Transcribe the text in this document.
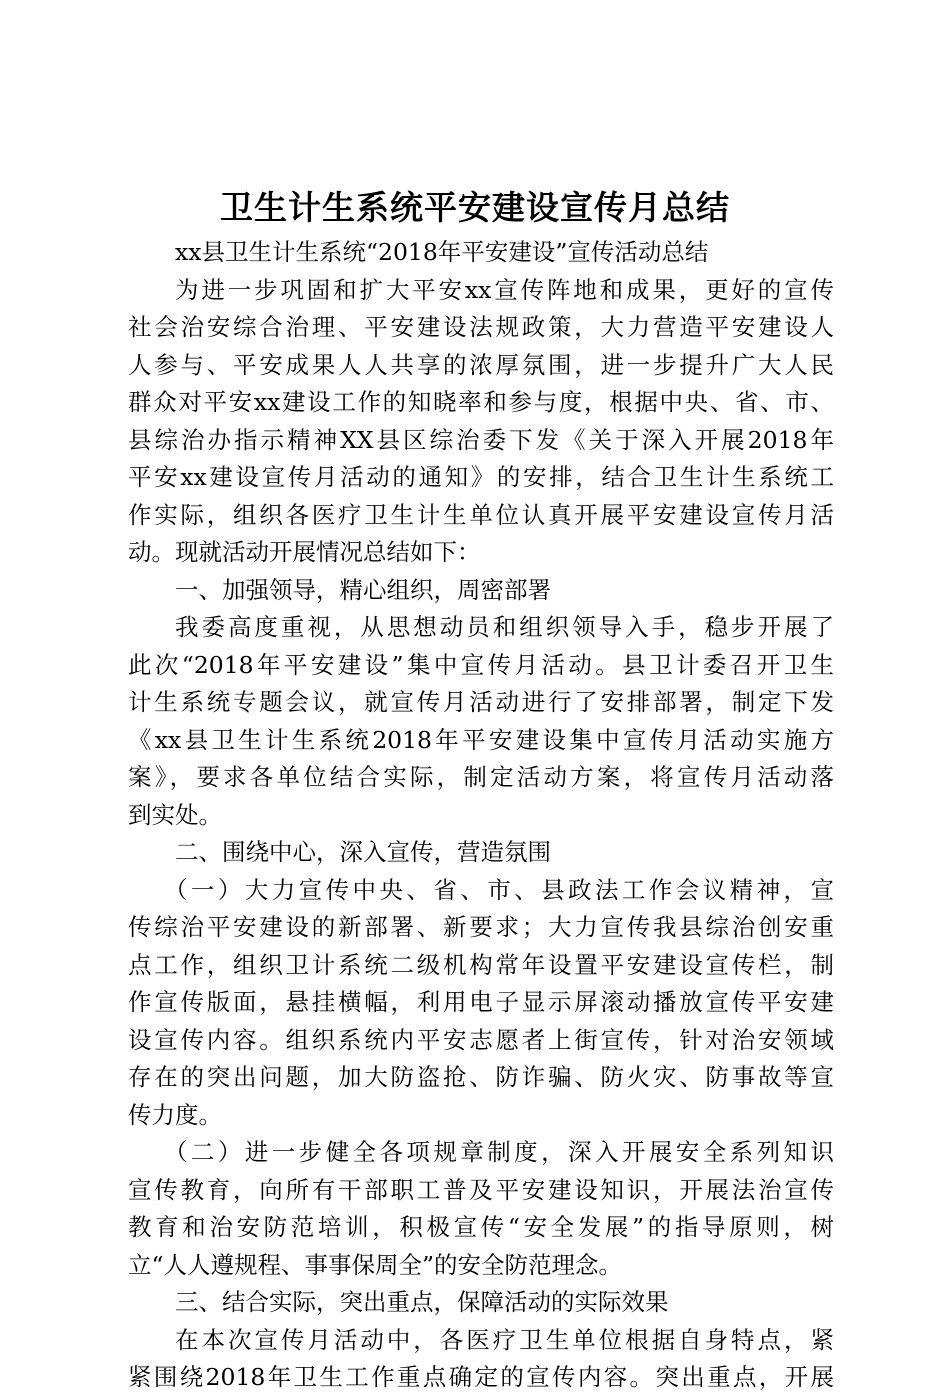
卫生计生系统平安建设宣传月总结
xx县卫生计生系统“2018年平安建设”宣传活动总结
为进一步巩固和扩大平安xx宣传阵地和成果，更好的宣传
社会治安综合治理、平安建设法规政策，大力营造平安建设人
人参与、平安成果人人共享的浓厚氛围，进一步提升广大人民
群众对平安xx建设工作的知晓率和参与度，根据中央、省、市、
县综治办指示精神XX县区综治委下发《关于深入开展2018年
平安xx建设宣传月活动的通知》的安排，结合卫生计生系统工
作实际，组织各医疗卫生计生单位认真开展平安建设宣传月活
动。现就活动开展情况总结如下：
一、加强领导，精心组织，周密部署
我委高度重视，从思想动员和组织领导入手，稳步开展了
此次“2018年平安建设”集中宣传月活动。县卫计委召开卫生
计生系统专题会议，就宣传月活动进行了安排部署，制定下发
《xx县卫生计生系统2018年平安建设集中宣传月活动实施方
案》，要求各单位结合实际，制定活动方案，将宣传月活动落
到实处。
二、围绕中心，深入宣传，营造氛围
（一）大力宣传中央、省、市、县政法工作会议精神，宣
传综治平安建设的新部署、新要求；大力宣传我县综治创安重
点工作，组织卫计系统二级机构常年设置平安建设宣传栏，制
作宣传版面，悬挂横幅，利用电子显示屏滚动播放宣传平安建
设宣传内容。组织系统内平安志愿者上街宣传，针对治安领域
存在的突出问题，加大防盗抢、防诈骗、防火灾、防事故等宣
传力度。
（二）进一步健全各项规章制度，深入开展安全系列知识
宣传教育，向所有干部职工普及平安建设知识，开展法治宣传
教育和治安防范培训，积极宣传“安全发展”的指导原则，树
立“人人遵规程、事事保周全”的安全防范理念。
三、结合实际，突出重点，保障活动的实际效果
在本次宣传月活动中，各医疗卫生单位根据自身特点，紧
紧围绕2018年卫生工作重点确定的宣传内容。突出重点，开展
